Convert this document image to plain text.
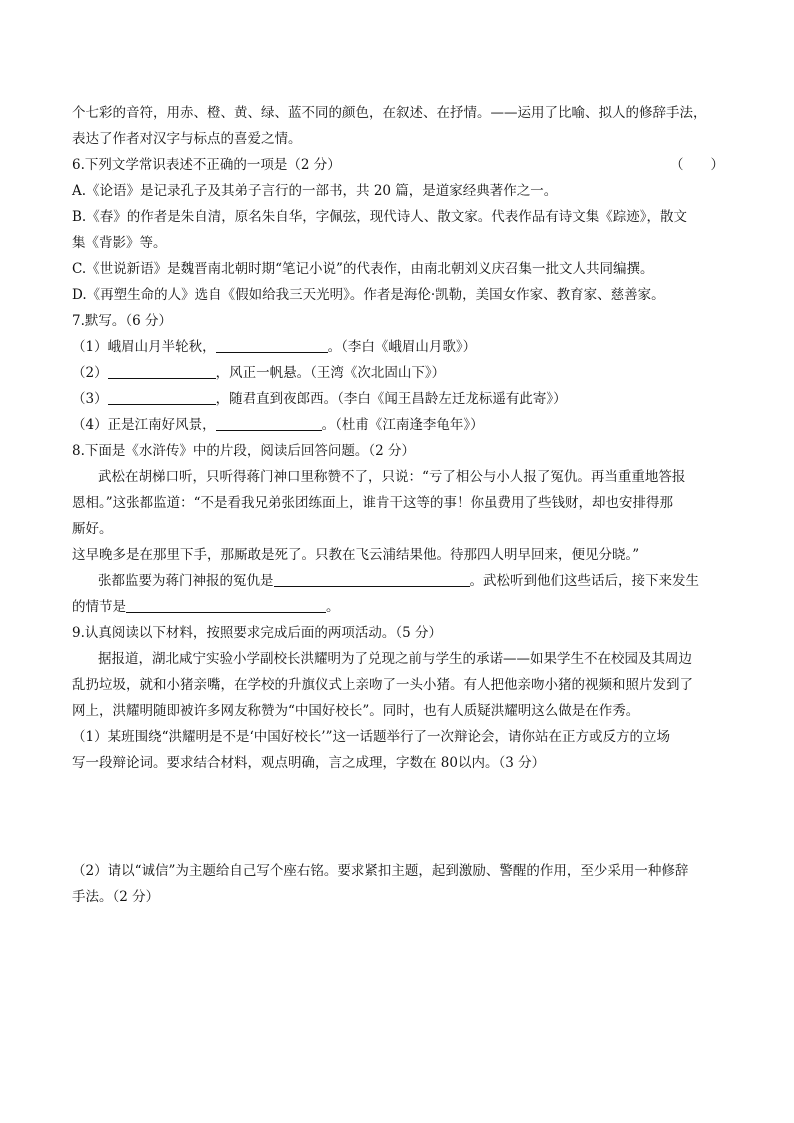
个七彩的音符，用赤、橙、黄、绿、蓝不同的颜色，在叙述、在抒情。——运用了比喻、拟人的修辞手法，
表达了作者对汉字与标点的喜爱之情。
6.下列文学常识表述不正确的一项是（2 分）	（　　）
A.《论语》是记录孔子及其弟子言行的一部书，共 20 篇，是道家经典著作之一。
B.《春》的作者是朱自清，原名朱自华，字佩弦，现代诗人、散文家。代表作品有诗文集《踪迹》，散文
集《背影》等。
C.《世说新语》是魏晋南北朝时期“笔记小说”的代表作，由南北朝刘义庆召集一批文人共同编撰。
D.《再塑生命的人》选自《假如给我三天光明》。作者是海伦·凯勒，美国女作家、教育家、慈善家。
7.默写。（6 分）
（1）峨眉山月半轮秋，	。（李白《峨眉山月歌》）
（2）	，风正一帆悬。（王湾《次北固山下》）
（3）	，随君直到夜郎西。（李白《闻王昌龄左迁龙标遥有此寄》）
（4）正是江南好风景，	。（杜甫《江南逢李龟年》）
8.下面是《水浒传》中的片段，阅读后回答问题。（2 分）
武松在胡梯口听，只听得蒋门神口里称赞不了，只说：“亏了相公与小人报了冤仇。再当重重地答报
恩相。”这张都监道：“不是看我兄弟张团练面上，谁肯干这等的事！你虽费用了些钱财，却也安排得那
厮好。
这早晚多是在那里下手，那厮敢是死了。只教在飞云浦结果他。待那四人明早回来，便见分晓。”
张都监要为蒋门神报的冤仇是	。武松听到他们这些话后，接下来发生
的情节是	。
9.认真阅读以下材料，按照要求完成后面的两项活动。（5 分）
据报道，湖北咸宁实验小学副校长洪耀明为了兑现之前与学生的承诺——如果学生不在校园及其周边
乱扔垃圾，就和小猪亲嘴，在学校的升旗仪式上亲吻了一头小猪。有人把他亲吻小猪的视频和照片发到了
网上，洪耀明随即被许多网友称赞为“中国好校长”。同时，也有人质疑洪耀明这么做是在作秀。
（1）某班围绕“洪耀明是不是‘中国好校长’”这一话题举行了一次辩论会，请你站在正方或反方的立场
写一段辩论词。要求结合材料，观点明确，言之成理，字数在 80以内。（3 分）
（2）请以“诚信”为主题给自己写个座右铭。要求紧扣主题，起到激励、警醒的作用，至少采用一种修辞
手法。（2 分）
